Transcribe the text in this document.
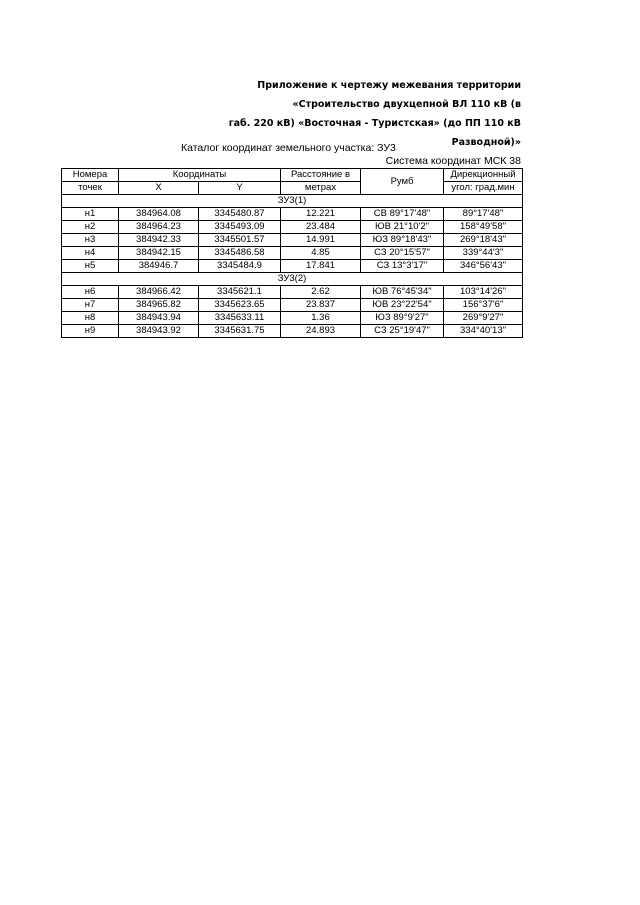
Приложение к чертежу межевания территории
«Строительство двухцепной ВЛ 110 кВ (в
габ. 220 кВ) «Восточная - Туристская» (до ПП 110 кВ
Разводной)»
Каталог координат земельного участка: ЗУ3
Система координат МСК 38
Номера	Координаты		Расстояние в	Румб	Дирекционный
точек	X	Y	метрах		угол: град.мин
ЗУ3(1)					
н1	384964.08	3345480.87	12.221	СВ 89°17'48"	89°17'48"
н2	384964.23	3345493.09	23.484	ЮВ 21°10'2"	158°49'58"
н3	384942.33	3345501.57	14.991	ЮЗ 89°18'43"	269°18'43"
н4	384942.15	3345486.58	4.85	СЗ 20°15'57"	339°44'3"
н5	384946.7	3345484.9	17.841	СЗ 13°3'17"	346°56'43"
ЗУ3(2)					
н6	384966.42	3345621.1	2.62	ЮВ 76°45'34"	103°14'26"
н7	384965.82	3345623.65	23.837	ЮВ 23°22'54"	156°37'6"
н8	384943.94	3345633.11	1.36	ЮЗ 89°9'27"	269°9'27"
н9	384943.92	3345631.75	24.893	СЗ 25°19'47"	334°40'13"
